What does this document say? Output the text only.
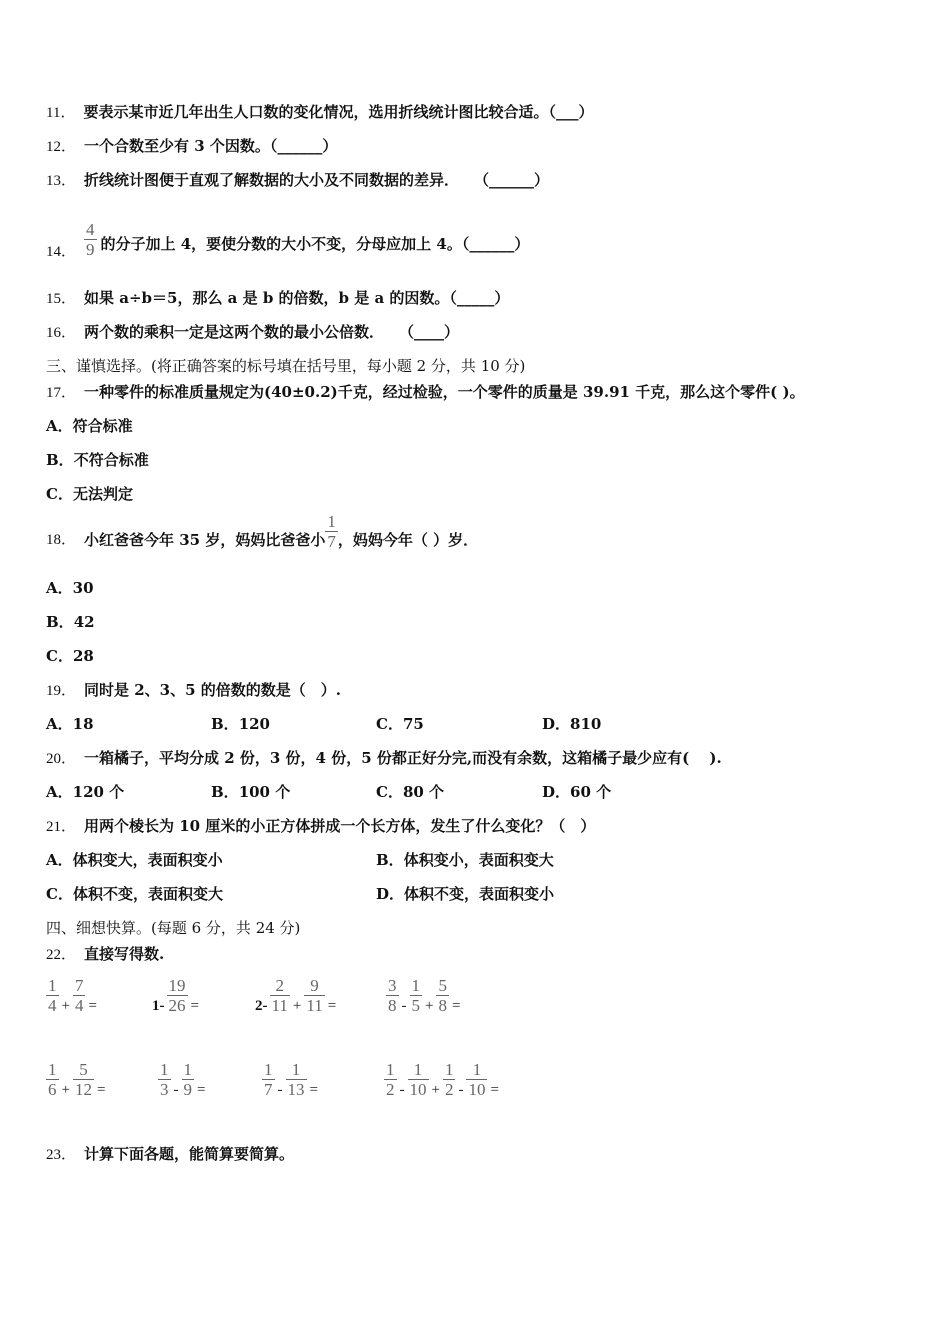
11． 要表示某市近几年出生人口数的变化情况，选用折线统计图比较合适。（___）
12． 一个合数至少有 3 个因数。（______）
13． 折线统计图便于直观了解数据的大小及不同数据的差异．　　（______）
14． $\frac{4}{9}$ 的分子加上 4，要使分数的大小不变，分母应加上 4。（______）
15． 如果 a÷b＝5，那么 a 是 b 的倍数，b 是 a 的因数。（_____）
16． 两个数的乘积一定是这两个数的最小公倍数．　　（____）
三、谨慎选择。(将正确答案的标号填在括号里，每小题 2 分，共 10 分)
17． 一种零件的标准质量规定为(40±0.2)千克，经过检验，一个零件的质量是 39.91 千克，那么这个零件( )。
A．符合标准
B．不符合标准
C．无法判定
18． 小红爸爸今年 35 岁，妈妈比爸爸小 $\frac{1}{7}$ ，妈妈今年（ ）岁．
A．30
B．42
C．28
19． 同时是 2、3、5 的倍数的数是（　）.
A．18	B．120	C．75	D．810
20． 一箱橘子，平均分成 2 份，3 份，4 份，5 份都正好分完,而没有余数，这箱橘子最少应有(　 ).
A．120 个	B．100 个	C．80 个	D．60 个
21． 用两个棱长为 10 厘米的小正方体拼成一个长方体，发生了什么变化？（　）
A．体积变大，表面积变小	B．体积变小，表面积变大
C．体积不变，表面积变大	D．体积不变，表面积变小
四、细想快算。(每题 6 分，共 24 分)
22． 直接写得数.
$\frac{1}{4} + \frac{7}{4}$ =	$1- \frac{19}{26}$ =	$2- \frac{2}{11} + \frac{9}{11}$ =	$\frac{3}{8} - \frac{1}{5} + \frac{5}{8}$ =
$\frac{1}{6} + \frac{5}{12}$ =	$\frac{1}{3} - \frac{1}{9}$ =	$\frac{1}{7} - \frac{1}{13}$ =	$\frac{1}{2} - \frac{1}{10} + \frac{1}{2} - \frac{1}{10}$ =
23． 计算下面各题，能简算要简算。
